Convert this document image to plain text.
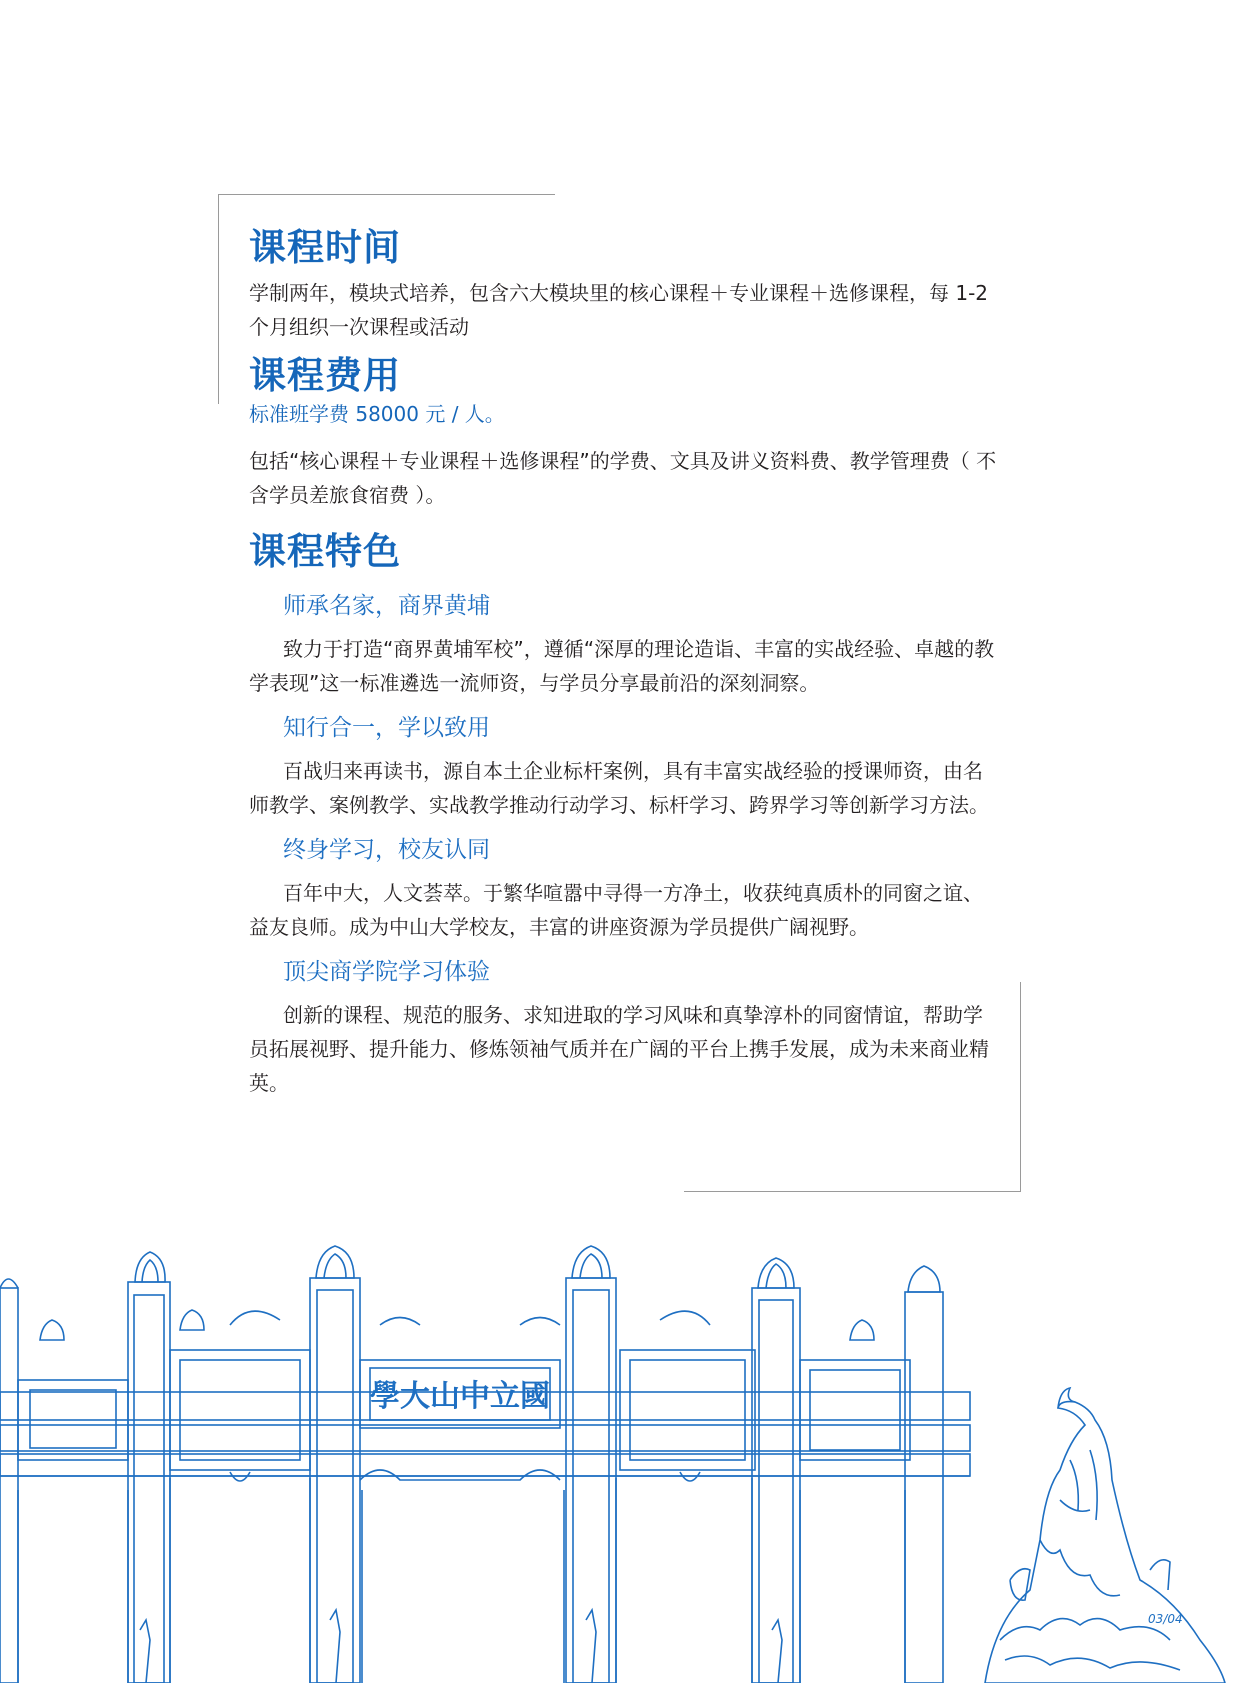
课程时间

学制两年，模块式培养，包含六大模块里的核心课程＋专业课程＋选修课程，每 1-2 个月组织一次课程或活动

课程费用

标准班学费 58000 元 / 人。

包括“核心课程＋专业课程＋选修课程”的学费、文具及讲义资料费、教学管理费（ 不含学员差旅食宿费 ）。

课程特色
师承名家，商界黄埔

致力于打造“商界黄埔军校”，遵循“深厚的理论造诣、丰富的实战经验、卓越的教学表现”这一标准遴选一流师资，与学员分享最前沿的深刻洞察。

知行合一，学以致用

百战归来再读书，源自本土企业标杆案例，具有丰富实战经验的授课师资，由名师教学、案例教学、实战教学推动行动学习、标杆学习、跨界学习等创新学习方法。

终身学习，校友认同

百年中大，人文荟萃。于繁华喧嚣中寻得一方净土，收获纯真质朴的同窗之谊、益友良师。成为中山大学校友，丰富的讲座资源为学员提供广阔视野。

顶尖商学院学习体验

创新的课程、规范的服务、求知进取的学习风味和真挚淳朴的同窗情谊，帮助学员拓展视野、提升能力、修炼领袖气质并在广阔的平台上携手发展，成为未来商业精英。

學大山中立國
03/04
